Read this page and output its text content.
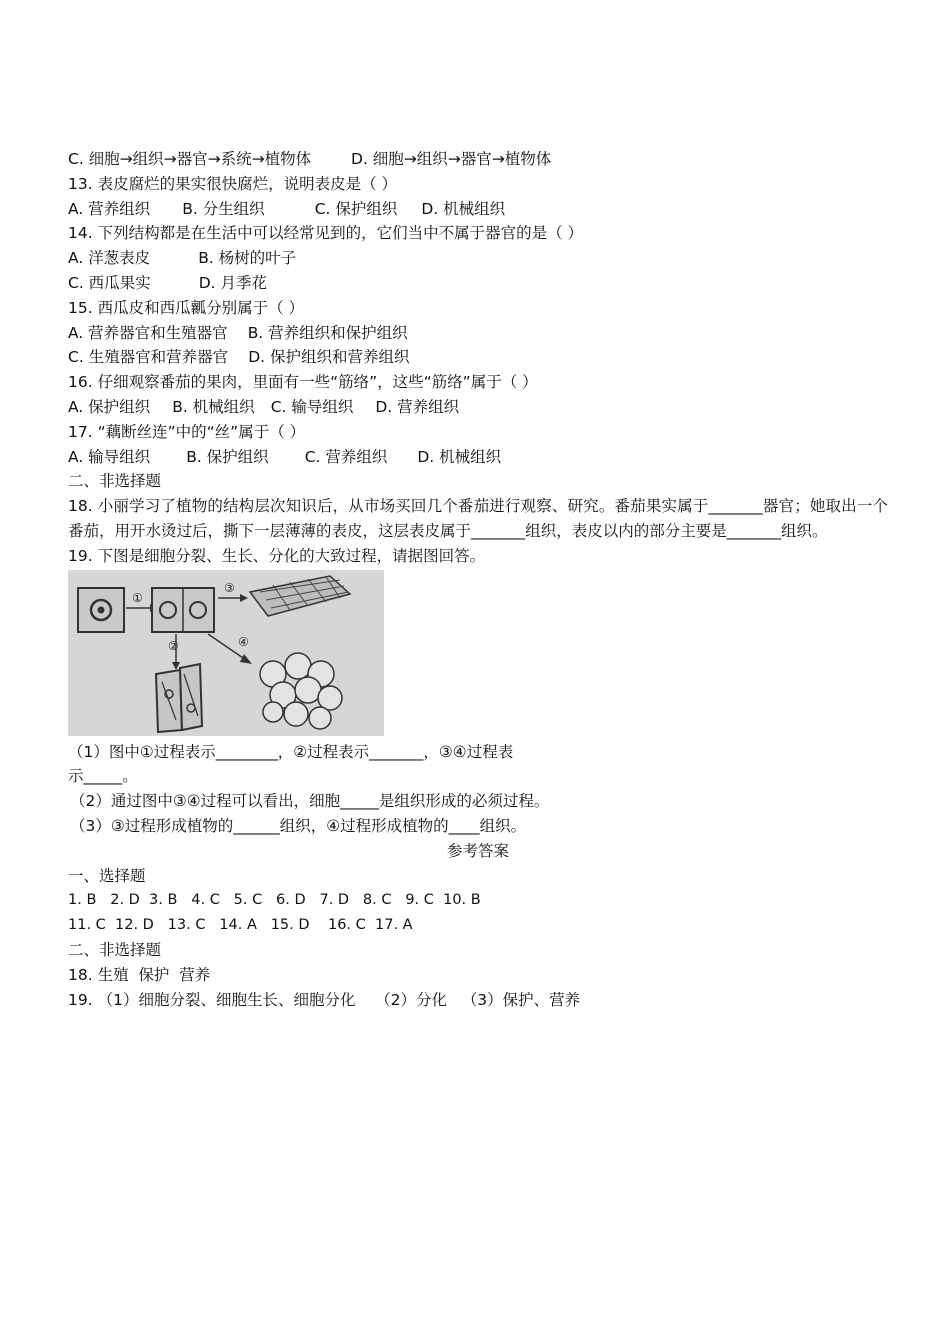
C. 细胞→组织→器官→系统→植物体	D. 细胞→组织→器官→植物体
13. 表皮腐烂的果实很快腐烂，说明表皮是（ ）
A. 营养组织 B. 分生组织	C. 保护组织 D. 机械组织
14. 下列结构都是在生活中可以经常见到的，它们当中不属于器官的是（ ）
A. 洋葱表皮	B. 杨树的叶子
C. 西瓜果实	D. 月季花
15. 西瓜皮和西瓜瓤分别属于（ ）
A. 营养器官和生殖器官 B. 营养组织和保护组织
C. 生殖器官和营养器官 D. 保护组织和营养组织
16. 仔细观察番茄的果肉，里面有一些“筋络”，这些“筋络”属于（ ）
A. 保护组织 B. 机械组织 C. 输导组织 D. 营养组织
17. “藕断丝连”中的“丝”属于（ ）
A. 输导组织 B. 保护组织 C. 营养组织 D. 机械组织
二、非选择题
18. 小丽学习了植物的结构层次知识后，从市场买回几个番茄进行观察、研究。番茄果实属于_______器官；她取出一个番茄，用开水烫过后，撕下一层薄薄的表皮，这层表皮属于_______组织，表皮以内的部分主要是_______组织。
19. 下图是细胞分裂、生长、分化的大致过程，请据图回答。
①
③
④
②
（1）图中①过程表示________，②过程表示_______，③④过程表
示_____。
（2）通过图中③④过程可以看出，细胞_____是组织形成的必须过程。
（3）③过程形成植物的______组织，④过程形成植物的____组织。
参考答案
一、选择题
1. B   2. D  3. B   4. C   5. C   6. D   7. D   8. C   9. C  10. B
11. C  12. D   13. C   14. A   15. D    16. C  17. A
二、非选择题
18. 生殖  保护  营养
19. （1）细胞分裂、细胞生长、细胞分化    （2）分化   （3）保护、营养
